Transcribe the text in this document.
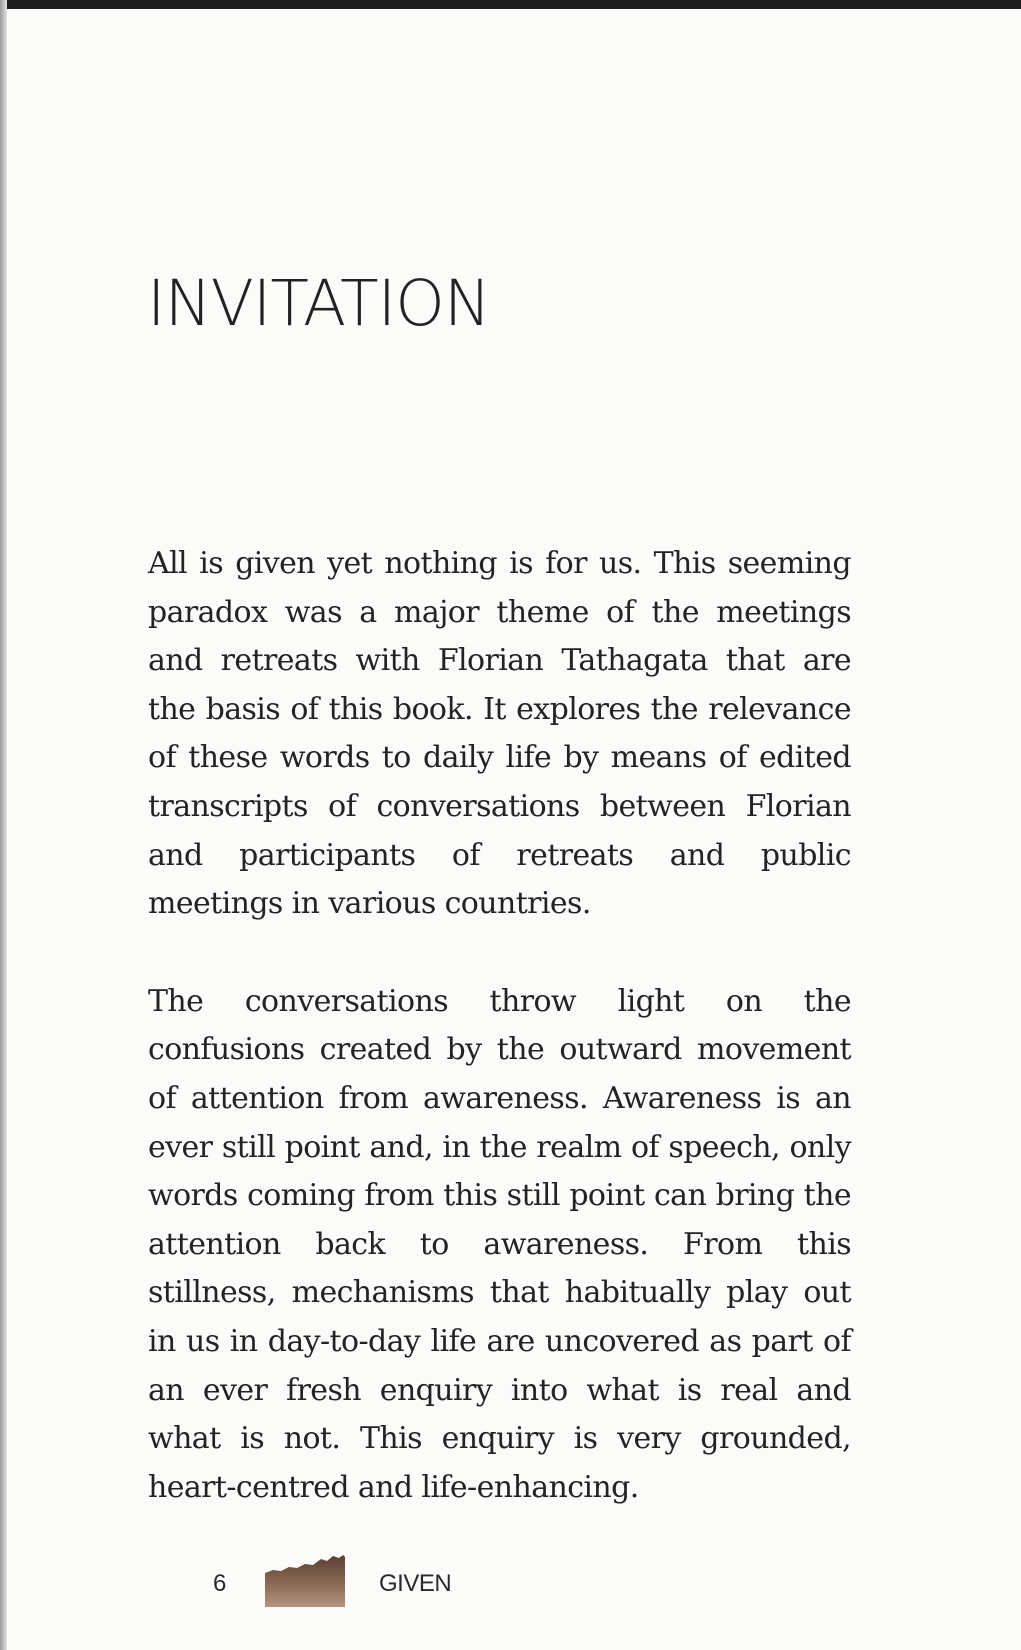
INVITATION

All is given yet nothing is for us. This seeming paradox was a major theme of the meetings and retreats with Florian Tathagata that are the basis of this book. It explores the relevance of these words to daily life by means of edited transcripts of conversations between Florian and participants of retreats and public meetings in various countries.

The conversations throw light on the confusions created by the outward movement of attention from awareness. Awareness is an ever still point and, in the realm of speech, only words coming from this still point can bring the attention back to awareness. From this stillness, mechanisms that habitually play out in us in day-to-day life are uncovered as part of an ever fresh enquiry into what is real and what is not. This enquiry is very grounded, heart-centred and life-enhancing.

6	GIVEN
